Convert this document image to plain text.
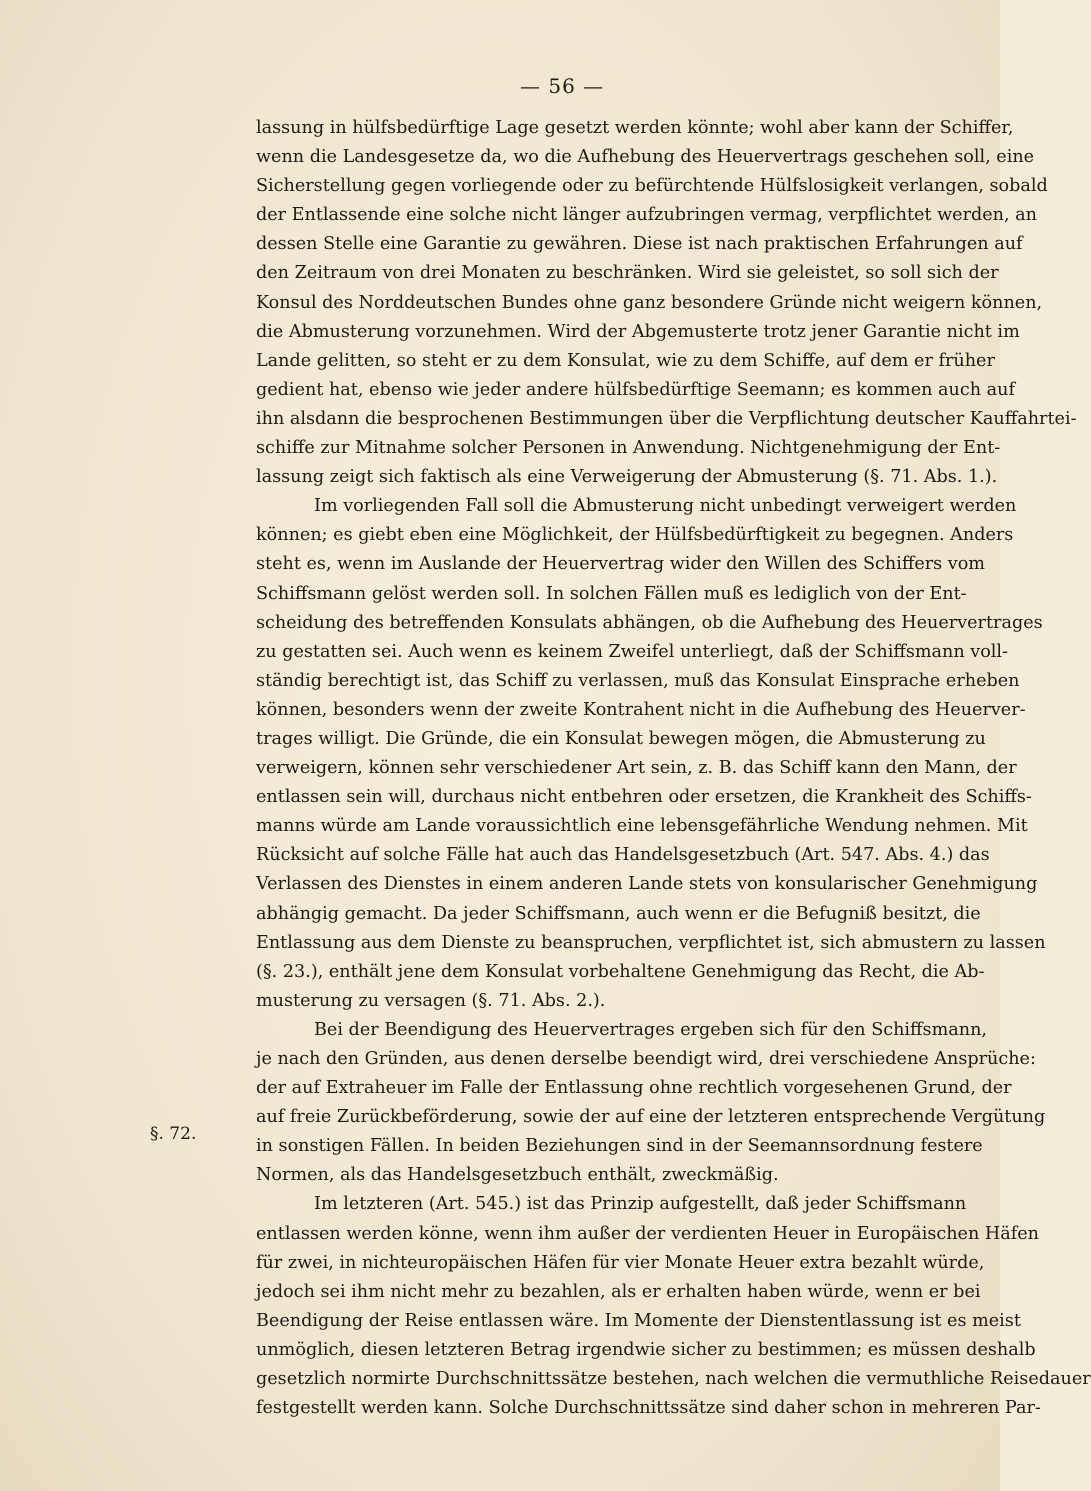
— 56 —
§. 72.
lassung in hülfsbedürftige Lage gesetzt werden könnte; wohl aber kann der Schiffer,
wenn die Landesgesetze da, wo die Aufhebung des Heuervertrags geschehen soll, eine
Sicherstellung gegen vorliegende oder zu befürchtende Hülfslosigkeit verlangen, sobald
der Entlassende eine solche nicht länger aufzubringen vermag, verpflichtet werden, an
dessen Stelle eine Garantie zu gewähren. Diese ist nach praktischen Erfahrungen auf
den Zeitraum von drei Monaten zu beschränken. Wird sie geleistet, so soll sich der
Konsul des Norddeutschen Bundes ohne ganz besondere Gründe nicht weigern können,
die Abmusterung vorzunehmen. Wird der Abgemusterte trotz jener Garantie nicht im
Lande gelitten, so steht er zu dem Konsulat, wie zu dem Schiffe, auf dem er früher
gedient hat, ebenso wie jeder andere hülfsbedürftige Seemann; es kommen auch auf
ihn alsdann die besprochenen Bestimmungen über die Verpflichtung deutscher Kauffahrtei-
schiffe zur Mitnahme solcher Personen in Anwendung. Nichtgenehmigung der Ent-
lassung zeigt sich faktisch als eine Verweigerung der Abmusterung (§. 71. Abs. 1.).
Im vorliegenden Fall soll die Abmusterung nicht unbedingt verweigert werden
können; es giebt eben eine Möglichkeit, der Hülfsbedürftigkeit zu begegnen. Anders
steht es, wenn im Auslande der Heuervertrag wider den Willen des Schiffers vom
Schiffsmann gelöst werden soll. In solchen Fällen muß es lediglich von der Ent-
scheidung des betreffenden Konsulats abhängen, ob die Aufhebung des Heuervertrages
zu gestatten sei. Auch wenn es keinem Zweifel unterliegt, daß der Schiffsmann voll-
ständig berechtigt ist, das Schiff zu verlassen, muß das Konsulat Einsprache erheben
können, besonders wenn der zweite Kontrahent nicht in die Aufhebung des Heuerver-
trages willigt. Die Gründe, die ein Konsulat bewegen mögen, die Abmusterung zu
verweigern, können sehr verschiedener Art sein, z. B. das Schiff kann den Mann, der
entlassen sein will, durchaus nicht entbehren oder ersetzen, die Krankheit des Schiffs-
manns würde am Lande voraussichtlich eine lebensgefährliche Wendung nehmen. Mit
Rücksicht auf solche Fälle hat auch das Handelsgesetzbuch (Art. 547. Abs. 4.) das
Verlassen des Dienstes in einem anderen Lande stets von konsularischer Genehmigung
abhängig gemacht. Da jeder Schiffsmann, auch wenn er die Befugniß besitzt, die
Entlassung aus dem Dienste zu beanspruchen, verpflichtet ist, sich abmustern zu lassen
(§. 23.), enthält jene dem Konsulat vorbehaltene Genehmigung das Recht, die Ab-
musterung zu versagen (§. 71. Abs. 2.).
Bei der Beendigung des Heuervertrages ergeben sich für den Schiffsmann,
je nach den Gründen, aus denen derselbe beendigt wird, drei verschiedene Ansprüche:
der auf Extraheuer im Falle der Entlassung ohne rechtlich vorgesehenen Grund, der
auf freie Zurückbeförderung, sowie der auf eine der letzteren entsprechende Vergütung
in sonstigen Fällen. In beiden Beziehungen sind in der Seemannsordnung festere
Normen, als das Handelsgesetzbuch enthält, zweckmäßig.
Im letzteren (Art. 545.) ist das Prinzip aufgestellt, daß jeder Schiffsmann
entlassen werden könne, wenn ihm außer der verdienten Heuer in Europäischen Häfen
für zwei, in nichteuropäischen Häfen für vier Monate Heuer extra bezahlt würde,
jedoch sei ihm nicht mehr zu bezahlen, als er erhalten haben würde, wenn er bei
Beendigung der Reise entlassen wäre. Im Momente der Dienstentlassung ist es meist
unmöglich, diesen letzteren Betrag irgendwie sicher zu bestimmen; es müssen deshalb
gesetzlich normirte Durchschnittssätze bestehen, nach welchen die vermuthliche Reisedauer
festgestellt werden kann. Solche Durchschnittssätze sind daher schon in mehreren Par-
